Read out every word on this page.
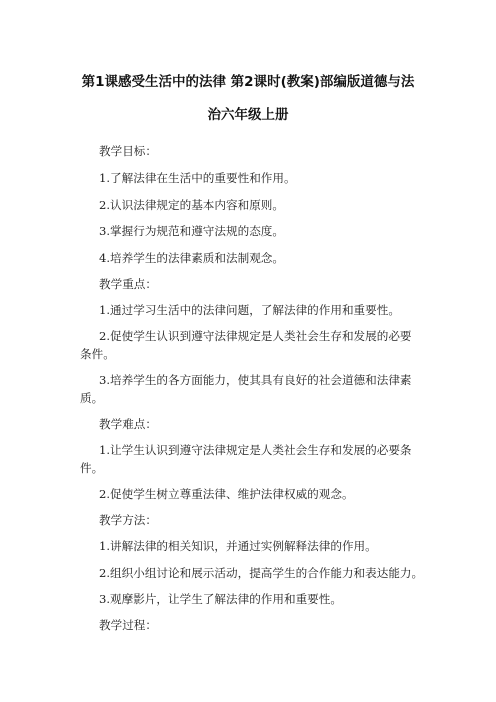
第1课感受生活中的法律 第2课时(教案)部编版道德与法
治六年级上册
教学目标：
1.了解法律在生活中的重要性和作用。
2.认识法律规定的基本内容和原则。
3.掌握行为规范和遵守法规的态度。
4.培养学生的法律素质和法制观念。
教学重点：
1.通过学习生活中的法律问题，了解法律的作用和重要性。
2.促使学生认识到遵守法律规定是人类社会生存和发展的必要
条件。
3.培养学生的各方面能力，使其具有良好的社会道德和法律素
质。
教学难点：
1.让学生认识到遵守法律规定是人类社会生存和发展的必要条
件。
2.促使学生树立尊重法律、维护法律权威的观念。
教学方法：
1.讲解法律的相关知识，并通过实例解释法律的作用。
2.组织小组讨论和展示活动，提高学生的合作能力和表达能力。
3.观摩影片，让学生了解法律的作用和重要性。
教学过程：
